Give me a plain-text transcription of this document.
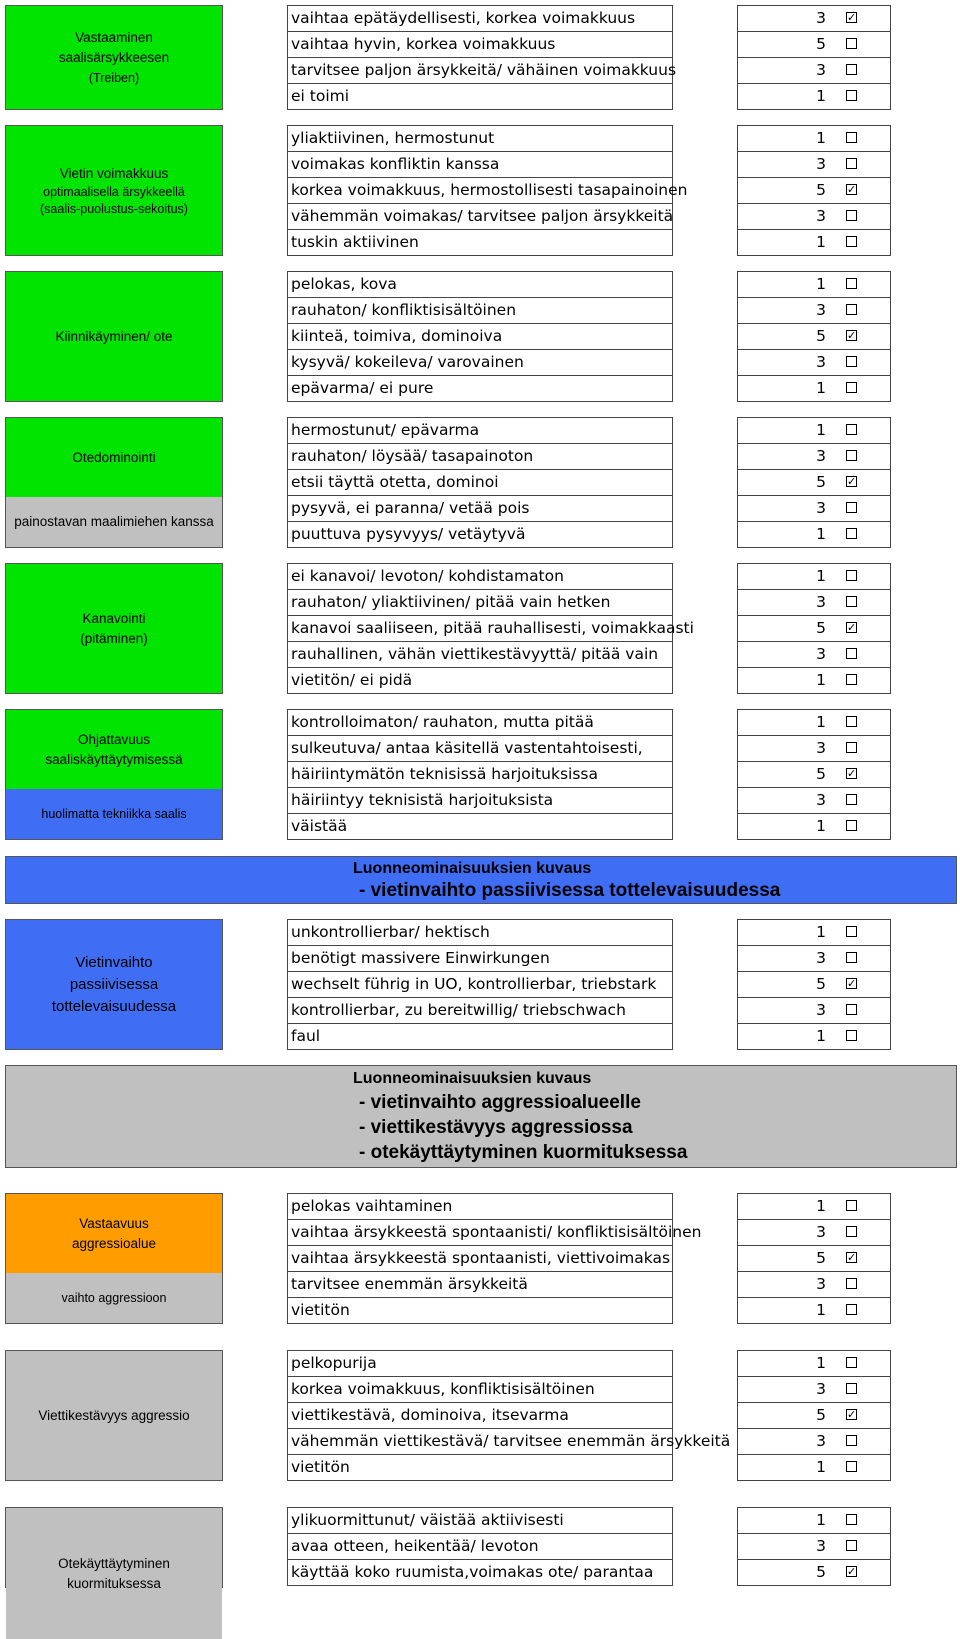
Vastaaminen
saalisärsykkeesen
(Treiben)
vaihtaa epätäydellisesti, korkea voimakkuus	3 ✓
vaihtaa hyvin, korkea voimakkuus	5
tarvitsee paljon ärsykkeitä/ vähäinen voimakkuus	3
ei toimi	1
Vietin voimakkuus
optimaalisella ärsykkeellä
(saalis-puolustus-sekoitus)
yliaktiivinen, hermostunut	1
voimakas konfliktin kanssa	3
korkea voimakkuus, hermostollisesti tasapainoinen	5 ✓
vähemmän voimakas/ tarvitsee paljon ärsykkeitä	3
tuskin aktiivinen	1
Kiinnikäyminen/ ote
pelokas, kova	1
rauhaton/ konfliktisisältöinen	3
kiinteä, toimiva, dominoiva	5 ✓
kysyvä/ kokeileva/ varovainen	3
epävarma/ ei pure	1
Otedominointi
painostavan maalimiehen kanssa
hermostunut/ epävarma	1
rauhaton/ löysää/ tasapainoton	3
etsii täyttä otetta, dominoi	5 ✓
pysyvä, ei paranna/ vetää pois	3
puuttuva pysyvyys/ vetäytyvä	1
Kanavointi
(pitäminen)
ei kanavoi/ levoton/ kohdistamaton	1
rauhaton/ yliaktiivinen/ pitää vain hetken	3
kanavoi saaliiseen, pitää rauhallisesti, voimakkaasti	5 ✓
rauhallinen, vähän viettikestävyyttä/ pitää vain	3
vietitön/ ei pidä	1
Ohjattavuus
saaliskäyttäytymisessä
huolimatta tekniikka saalis
kontrolloimaton/ rauhaton, mutta pitää	1
sulkeutuva/ antaa käsitellä vastentahtoisesti,	3
häiriintymätön teknisissä harjoituksissa	5 ✓
häiriintyy teknisistä harjoituksista	3
väistää	1
Luonneominaisuuksien kuvaus
- vietinvaihto passiivisessa tottelevaisuudessa
Vietinvaihto
passiivisessa
tottelevaisuudessa
unkontrollierbar/ hektisch	1
benötigt massivere Einwirkungen	3
wechselt führig in UO, kontrollierbar, triebstark	5 ✓
kontrollierbar, zu bereitwillig/ triebschwach	3
faul	1
Luonneominaisuuksien kuvaus
- vietinvaihto aggressioalueelle
- viettikestävyys aggressiossa
- otekäyttäytyminen kuormituksessa
Vastaavuus
aggressioalue
vaihto aggressioon
pelokas vaihtaminen	1
vaihtaa ärsykkeestä spontaanisti/ konfliktisisältöinen	3
vaihtaa ärsykkeestä spontaanisti, viettivoimakas	5 ✓
tarvitsee enemmän ärsykkeitä	3
vietitön	1
Viettikestävyys aggressio
pelkopurija	1
korkea voimakkuus, konfliktisisältöinen	3
viettikestävä, dominoiva, itsevarma	5 ✓
vähemmän viettikestävä/ tarvitsee enemmän ärsykkeitä	3
vietitön	1
Otekäyttäytyminen
kuormituksessa
ylikuormittunut/ väistää aktiivisesti	1
avaa otteen, heikentää/ levoton	3
käyttää koko ruumista,voimakas ote/ parantaa	5 ✓
